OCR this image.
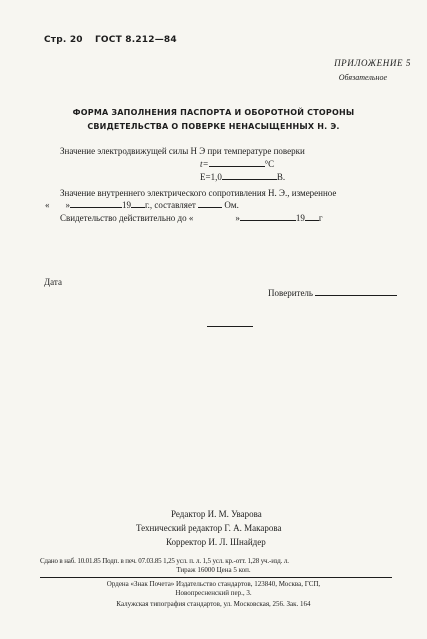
Стр. 20 ГОСТ 8.212—84
ПРИЛОЖЕНИЕ 5
Обязательное
ФОРМА ЗАПОЛНЕНИЯ ПАСПОРТА И ОБОРОТНОЙ СТОРОНЫ
СВИДЕТЕЛЬСТВА О ПОВЕРКЕ НЕНАСЫЩЕННЫХ Н. Э.
Значение электродвижущей силы Н Э при температуре поверки
t=	°C
E=1,0	В.
Значение внутреннего электрического сопротивления Н. Э., измеренное
« »	19 г., составляет	Ом.
Свидетельство действительно до «	»	19 г
Дата
Поверитель
Редактор И. М. Уварова
Технический редактор Г. А. Макарова
Корректор И. Л. Шнайдер
Сдано в наб. 10.01.85 Подп. в печ. 07.03.85 1,25 усл. п. л. 1,5 усл. кр.-отт. 1,28 уч.-изд. л.
Тираж 16000 Цена 5 коп.
Ордена «Знак Почета» Издательство стандартов, 123840, Москва, ГСП,
Новопресненский пер., 3.
Калужская типография стандартов, ул. Московская, 256. Зак. 164
